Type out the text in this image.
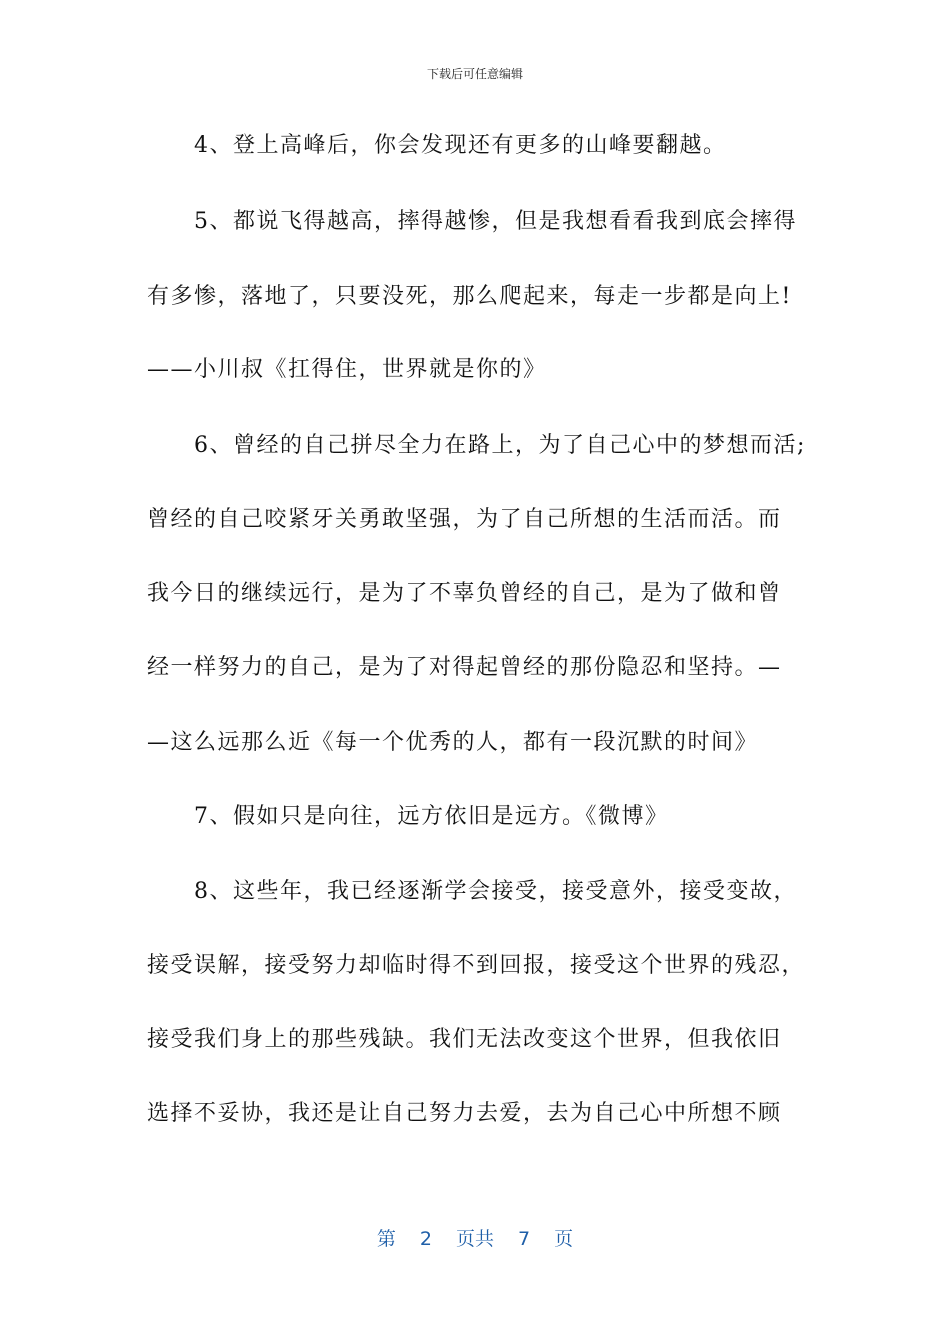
下载后可任意编辑
　　4、登上高峰后，你会发现还有更多的山峰要翻越。
　　5、都说飞得越高，摔得越惨，但是我想看看我到底会摔得
有多惨，落地了，只要没死，那么爬起来，每走一步都是向上!
——小川叔《扛得住，世界就是你的》
　　6、曾经的自己拼尽全力在路上，为了自己心中的梦想而活;
曾经的自己咬紧牙关勇敢坚强，为了自己所想的生活而活。而
我今日的继续远行，是为了不辜负曾经的自己，是为了做和曾
经一样努力的自己，是为了对得起曾经的那份隐忍和坚持。—
—这么远那么近《每一个优秀的人，都有一段沉默的时间》
　　7、假如只是向往，远方依旧是远方。《微博》
　　8、这些年，我已经逐渐学会接受，接受意外，接受变故，
接受误解，接受努力却临时得不到回报，接受这个世界的残忍，
接受我们身上的那些残缺。我们无法改变这个世界，但我依旧
选择不妥协，我还是让自己努力去爱，去为自己心中所想不顾
第 2 页共 7 页
